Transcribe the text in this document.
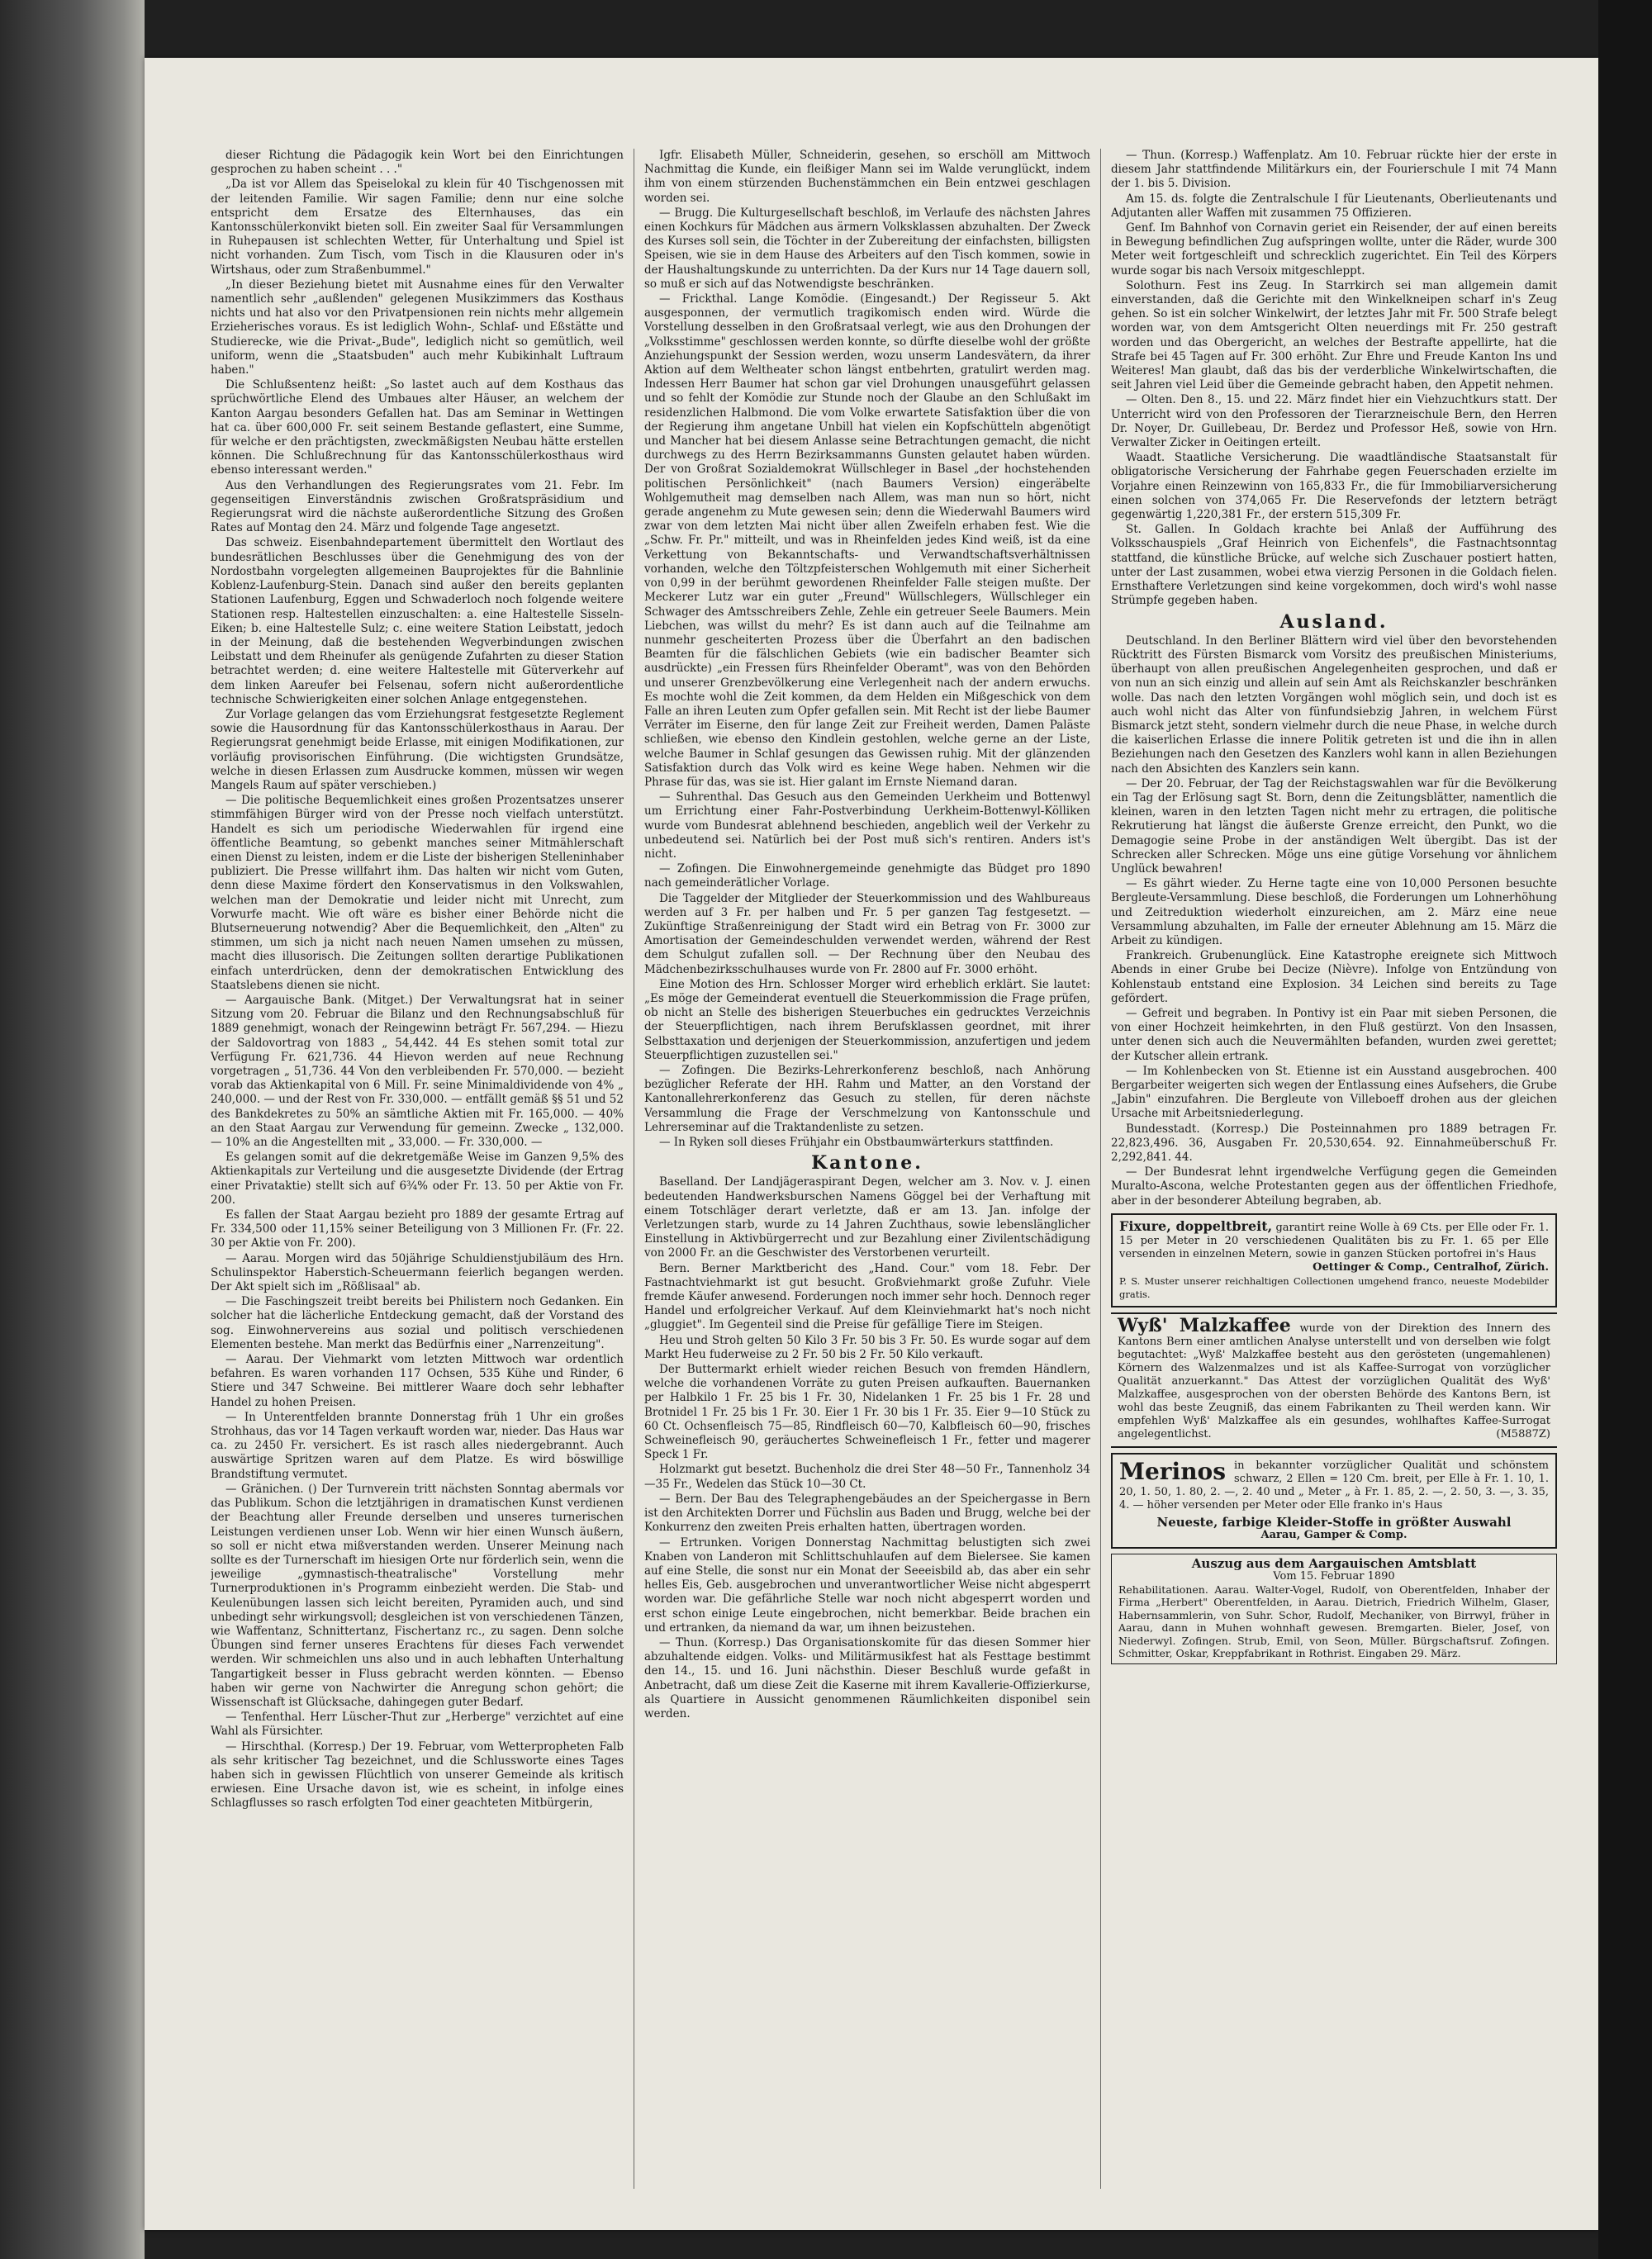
dieser Richtung die Pädagogik kein Wort bei den Einrichtungen gesprochen zu haben scheint . . ."

„Da ist vor Allem das Speiselokal zu klein für 40 Tischgenossen mit der leitenden Familie. Wir sagen Familie; denn nur eine solche entspricht dem Ersatze des Elternhauses, das ein Kantonsschülerkonvikt bieten soll. Ein zweiter Saal für Versammlungen in Ruhepausen ist schlechten Wetter, für Unterhaltung und Spiel ist nicht vorhanden. Zum Tisch, vom Tisch in die Klausuren oder in's Wirtshaus, oder zum Straßenbummel."

„In dieser Beziehung bietet mit Ausnahme eines für den Verwalter namentlich sehr „außlenden" gelegenen Musikzimmers das Kosthaus nichts und hat also vor den Privatpensionen rein nichts mehr allgemein Erzieherisches voraus. Es ist lediglich Wohn-, Schlaf- und Eßstätte und Studierecke, wie die Privat-„Bude", lediglich nicht so gemütlich, weil uniform, wenn die „Staatsbuden" auch mehr Kubikinhalt Luftraum haben."

Die Schlußsentenz heißt: „So lastet auch auf dem Kosthaus das sprüchwörtliche Elend des Umbaues alter Häuser, an welchem der Kanton Aargau besonders Gefallen hat. Das am Seminar in Wettingen hat ca. über 600,000 Fr. seit seinem Bestande geflastert, eine Summe, für welche er den prächtigsten, zweckmäßigsten Neubau hätte erstellen können. Die Schlußrechnung für das Kantonsschülerkosthaus wird ebenso interessant werden."

Aus den Verhandlungen des Regierungsrates vom 21. Febr. Im gegenseitigen Einverständnis zwischen Großratspräsidium und Regierungsrat wird die nächste außerordentliche Sitzung des Großen Rates auf Montag den 24. März und folgende Tage angesetzt.

Das schweiz. Eisenbahndepartement übermittelt den Wortlaut des bundesrätlichen Beschlusses über die Genehmigung des von der Nordostbahn vorgelegten allgemeinen Bauprojektes für die Bahnlinie Koblenz-Laufenburg-Stein. Danach sind außer den bereits geplanten Stationen Laufenburg, Eggen und Schwaderloch noch folgende weitere Stationen resp. Haltestellen einzuschalten: a. eine Haltestelle Sisseln-Eiken; b. eine Haltestelle Sulz; c. eine weitere Station Leibstatt, jedoch in der Meinung, daß die bestehenden Wegverbindungen zwischen Leibstatt und dem Rheinufer als genügende Zufahrten zu dieser Station betrachtet werden; d. eine weitere Haltestelle mit Güterverkehr auf dem linken Aareufer bei Felsenau, sofern nicht außerordentliche technische Schwierigkeiten einer solchen Anlage entgegenstehen.

Zur Vorlage gelangen das vom Erziehungsrat festgesetzte Reglement sowie die Hausordnung für das Kantonsschülerkosthaus in Aarau. Der Regierungsrat genehmigt beide Erlasse, mit einigen Modifikationen, zur vorläufig provisorischen Einführung. (Die wichtigsten Grundsätze, welche in diesen Erlassen zum Ausdrucke kommen, müssen wir wegen Mangels Raum auf später verschieben.)

— Die politische Bequemlichkeit eines großen Prozentsatzes unserer stimmfähigen Bürger wird von der Presse noch vielfach unterstützt. Handelt es sich um periodische Wiederwahlen für irgend eine öffentliche Beamtung, so gebenkt manches seiner Mitmählerschaft einen Dienst zu leisten, indem er die Liste der bisherigen Stelleninhaber publiziert. Die Presse willfahrt ihm. Das halten wir nicht vom Guten, denn diese Maxime fördert den Konservatismus in den Volkswahlen, welchen man der Demokratie und leider nicht mit Unrecht, zum Vorwurfe macht. Wie oft wäre es bisher einer Behörde nicht die Blutserneuerung notwendig? Aber die Bequemlichkeit, den „Alten" zu stimmen, um sich ja nicht nach neuen Namen umsehen zu müssen, macht dies illusorisch. Die Zeitungen sollten derartige Publikationen einfach unterdrücken, denn der demokratischen Entwicklung des Staatslebens dienen sie nicht.

— Aargauische Bank. (Mitget.) Der Verwaltungsrat hat in seiner Sitzung vom 20. Februar die Bilanz und den Rechnungsabschluß für 1889 genehmigt, wonach der Reingewinn beträgt Fr. 567,294. — Hiezu der Saldovortrag von 1883 „ 54,442. 44 Es stehen somit total zur Verfügung Fr. 621,736. 44 Hievon werden auf neue Rechnung vorgetragen „ 51,736. 44 Von den verbleibenden Fr. 570,000. — bezieht vorab das Aktienkapital von 6 Mill. Fr. seine Minimaldividende von 4% „ 240,000. — und der Rest von Fr. 330,000. — entfällt gemäß §§ 51 und 52 des Bankdekretes zu 50% an sämtliche Aktien mit Fr. 165,000. — 40% an den Staat Aargau zur Verwendung für gemeinn. Zwecke „ 132,000. — 10% an die Angestellten mit „ 33,000. — Fr. 330,000. —

Es gelangen somit auf die dekretgemäße Weise im Ganzen 9,5% des Aktienkapitals zur Verteilung und die ausgesetzte Dividende (der Ertrag einer Privataktie) stellt sich auf 6¾% oder Fr. 13. 50 per Aktie von Fr. 200.

Es fallen der Staat Aargau bezieht pro 1889 der gesamte Ertrag auf Fr. 334,500 oder 11,15% seiner Beteiligung von 3 Millionen Fr. (Fr. 22. 30 per Aktie von Fr. 200).

— Aarau. Morgen wird das 50jährige Schuldienstjubiläum des Hrn. Schulinspektor Haberstich-Scheuermann feierlich begangen werden. Der Akt spielt sich im „Rößlisaal" ab.

— Die Faschingszeit treibt bereits bei Philistern noch Gedanken. Ein solcher hat die lächerliche Entdeckung gemacht, daß der Vorstand des sog. Einwohnervereins aus sozial und politisch verschiedenen Elementen bestehe. Man merkt das Bedürfnis einer „Narrenzeitung".

— Aarau. Der Viehmarkt vom letzten Mittwoch war ordentlich befahren. Es waren vorhanden 117 Ochsen, 535 Kühe und Rinder, 6 Stiere und 347 Schweine. Bei mittlerer Waare doch sehr lebhafter Handel zu hohen Preisen.

— In Unterentfelden brannte Donnerstag früh 1 Uhr ein großes Strohhaus, das vor 14 Tagen verkauft worden war, nieder. Das Haus war ca. zu 2450 Fr. versichert. Es ist rasch alles niedergebrannt. Auch auswärtige Spritzen waren auf dem Platze. Es wird böswillige Brandstiftung vermutet.

— Gränichen. () Der Turnverein tritt nächsten Sonntag abermals vor das Publikum. Schon die letztjährigen in dramatischen Kunst verdienen der Beachtung aller Freunde derselben und unseres turnerischen Leistungen verdienen unser Lob. Wenn wir hier einen Wunsch äußern, so soll er nicht etwa mißverstanden werden. Unserer Meinung nach sollte es der Turnerschaft im hiesigen Orte nur förderlich sein, wenn die jeweilige „gymnastisch-theatralische" Vorstellung mehr Turnerproduktionen in's Programm einbezieht werden. Die Stab- und Keulenübungen lassen sich leicht bereiten, Pyramiden auch, und sind unbedingt sehr wirkungsvoll; desgleichen ist von verschiedenen Tänzen, wie Waffentanz, Schnittertanz, Fischertanz rc., zu sagen. Denn solche Übungen sind ferner unseres Erachtens für dieses Fach verwendet werden. Wir schmeichlen uns also und in auch lebhaften Unterhaltung Tangartigkeit besser in Fluss gebracht werden könnten. — Ebenso haben wir gerne von Nachwirter die Anregung schon gehört; die Wissenschaft ist Glücksache, dahingegen guter Bedarf.

— Tenfenthal. Herr Lüscher-Thut zur „Herberge" verzichtet auf eine Wahl als Fürsichter.

— Hirschthal. (Korresp.) Der 19. Februar, vom Wetterpropheten Falb als sehr kritischer Tag bezeichnet, und die Schlussworte eines Tages haben sich in gewissen Flüchtlich von unserer Gemeinde als kritisch erwiesen. Eine Ursache davon ist, wie es scheint, in infolge eines Schlagflusses so rasch erfolgten Tod einer geachteten Mitbürgerin,

Igfr. Elisabeth Müller, Schneiderin, gesehen, so erschöll am Mittwoch Nachmittag die Kunde, ein fleißiger Mann sei im Walde verunglückt, indem ihm von einem stürzenden Buchenstämmchen ein Bein entzwei geschlagen worden sei.

— Brugg. Die Kulturgesellschaft beschloß, im Verlaufe des nächsten Jahres einen Kochkurs für Mädchen aus ärmern Volksklassen abzuhalten. Der Zweck des Kurses soll sein, die Töchter in der Zubereitung der einfachsten, billigsten Speisen, wie sie in dem Hause des Arbeiters auf den Tisch kommen, sowie in der Haushaltungskunde zu unterrichten. Da der Kurs nur 14 Tage dauern soll, so muß er sich auf das Notwendigste beschränken.

— Frickthal. Lange Komödie. (Eingesandt.) Der Regisseur 5. Akt ausgesponnen, der vermutlich tragikomisch enden wird. Würde die Vorstellung desselben in den Großratsaal verlegt, wie aus den Drohungen der „Volksstimme" geschlossen werden konnte, so dürfte dieselbe wohl der größte Anziehungspunkt der Session werden, wozu unserm Landesvätern, da ihrer Aktion auf dem Weltheater schon längst entbehrten, gratulirt werden mag. Indessen Herr Baumer hat schon gar viel Drohungen unausgeführt gelassen und so fehlt der Komödie zur Stunde noch der Glaube an den Schlußakt im residenzlichen Halbmond. Die vom Volke erwartete Satisfaktion über die von der Regierung ihm angetane Unbill hat vielen ein Kopfschütteln abgenötigt und Mancher hat bei diesem Anlasse seine Betrachtungen gemacht, die nicht durchwegs zu des Herrn Bezirksammanns Gunsten gelautet haben würden. Der von Großrat Sozialdemokrat Wüllschleger in Basel „der hochstehenden politischen Persönlichkeit" (nach Baumers Version) eingeräbelte Wohlgemutheit mag demselben nach Allem, was man nun so hört, nicht gerade angenehm zu Mute gewesen sein; denn die Wiederwahl Baumers wird zwar von dem letzten Mai nicht über allen Zweifeln erhaben fest. Wie die „Schw. Fr. Pr." mitteilt, und was in Rheinfelden jedes Kind weiß, ist da eine Verkettung von Bekanntschafts- und Verwandtschaftsverhältnissen vorhanden, welche den Töltzpfeisterschen Wohlgemuth mit einer Sicherheit von 0,99 in der berühmt gewordenen Rheinfelder Falle steigen mußte. Der Meckerer Lutz war ein guter „Freund" Wüllschlegers, Wüllschleger ein Schwager des Amtsschreibers Zehle, Zehle ein getreuer Seele Baumers. Mein Liebchen, was willst du mehr? Es ist dann auch auf die Teilnahme am nunmehr gescheiterten Prozess über die Überfahrt an den badischen Beamten für die fälschlichen Gebiets (wie ein badischer Beamter sich ausdrückte) „ein Fressen fürs Rheinfelder Oberamt", was von den Behörden und unserer Grenzbevölkerung eine Verlegenheit nach der andern erwuchs. Es mochte wohl die Zeit kommen, da dem Helden ein Mißgeschick von dem Falle an ihren Leuten zum Opfer gefallen sein. Mit Recht ist der liebe Baumer Verräter im Eiserne, den für lange Zeit zur Freiheit werden, Damen Paläste schließen, wie ebenso den Kindlein gestohlen, welche gerne an der Liste, welche Baumer in Schlaf gesungen das Gewissen ruhig. Mit der glänzenden Satisfaktion durch das Volk wird es keine Wege haben. Nehmen wir die Phrase für das, was sie ist. Hier galant im Ernste Niemand daran.

— Suhrenthal. Das Gesuch aus den Gemeinden Uerkheim und Bottenwyl um Errichtung einer Fahr-Postverbindung Uerkheim-Bottenwyl-Kölliken wurde vom Bundesrat ablehnend beschieden, angeblich weil der Verkehr zu unbedeutend sei. Natürlich bei der Post muß sich's rentiren. Anders ist's nicht.

— Zofingen. Die Einwohnergemeinde genehmigte das Büdget pro 1890 nach gemeinderätlicher Vorlage.

Die Taggelder der Mitglieder der Steuerkommission und des Wahlbureaus werden auf 3 Fr. per halben und Fr. 5 per ganzen Tag festgesetzt. — Zukünftige Straßenreinigung der Stadt wird ein Betrag von Fr. 3000 zur Amortisation der Gemeindeschulden verwendet werden, während der Rest dem Schulgut zufallen soll. — Der Rechnung über den Neubau des Mädchenbezirksschulhauses wurde von Fr. 2800 auf Fr. 3000 erhöht.

Eine Motion des Hrn. Schlosser Morger wird erheblich erklärt. Sie lautet: „Es möge der Gemeinderat eventuell die Steuerkommission die Frage prüfen, ob nicht an Stelle des bisherigen Steuerbuches ein gedrucktes Verzeichnis der Steuerpflichtigen, nach ihrem Berufsklassen geordnet, mit ihrer Selbsttaxation und derjenigen der Steuerkommission, anzufertigen und jedem Steuerpflichtigen zuzustellen sei."

— Zofingen. Die Bezirks-Lehrerkonferenz beschloß, nach Anhörung bezüglicher Referate der HH. Rahm und Matter, an den Vorstand der Kantonallehrerkonferenz das Gesuch zu stellen, für deren nächste Versammlung die Frage der Verschmelzung von Kantonsschule und Lehrerseminar auf die Traktandenliste zu setzen.

— In Ryken soll dieses Frühjahr ein Obstbaumwärterkurs stattfinden.

Kantone.

Baselland. Der Landjägeraspirant Degen, welcher am 3. Nov. v. J. einen bedeutenden Handwerksburschen Namens Göggel bei der Verhaftung mit einem Totschläger derart verletzte, daß er am 13. Jan. infolge der Verletzungen starb, wurde zu 14 Jahren Zuchthaus, sowie lebenslänglicher Einstellung in Aktivbürgerrecht und zur Bezahlung einer Zivilentschädigung von 2000 Fr. an die Geschwister des Verstorbenen verurteilt.

Bern. Berner Marktbericht des „Hand. Cour." vom 18. Febr. Der Fastnachtviehmarkt ist gut besucht. Großviehmarkt große Zufuhr. Viele fremde Käufer anwesend. Forderungen noch immer sehr hoch. Dennoch reger Handel und erfolgreicher Verkauf. Auf dem Kleinviehmarkt hat's noch nicht „gluggiet". Im Gegenteil sind die Preise für gefällige Tiere im Steigen.

Heu und Stroh gelten 50 Kilo 3 Fr. 50 bis 3 Fr. 50. Es wurde sogar auf dem Markt Heu fuderweise zu 2 Fr. 50 bis 2 Fr. 50 Kilo verkauft.

Der Buttermarkt erhielt wieder reichen Besuch von fremden Händlern, welche die vorhandenen Vorräte zu guten Preisen aufkauften. Bauernanken per Halbkilo 1 Fr. 25 bis 1 Fr. 30, Nidelanken 1 Fr. 25 bis 1 Fr. 28 und Brotnidel 1 Fr. 25 bis 1 Fr. 30. Eier 1 Fr. 30 bis 1 Fr. 35. Eier 9—10 Stück zu 60 Ct. Ochsenfleisch 75—85, Rindfleisch 60—70, Kalbfleisch 60—90, frisches Schweinefleisch 90, geräuchertes Schweinefleisch 1 Fr., fetter und magerer Speck 1 Fr.

Holzmarkt gut besetzt. Buchenholz die drei Ster 48—50 Fr., Tannenholz 34—35 Fr., Wedelen das Stück 10—30 Ct.

— Bern. Der Bau des Telegraphengebäudes an der Speichergasse in Bern ist den Architekten Dorrer und Füchslin aus Baden und Brugg, welche bei der Konkurrenz den zweiten Preis erhalten hatten, übertragen worden.

— Ertrunken. Vorigen Donnerstag Nachmittag belustigten sich zwei Knaben von Landeron mit Schlittschuhlaufen auf dem Bielersee. Sie kamen auf eine Stelle, die sonst nur ein Monat der Seeeisbild ab, das aber ein sehr helles Eis, Geb. ausgebrochen und unverantwortlicher Weise nicht abgesperrt worden war. Die gefährliche Stelle war noch nicht abgesperrt worden und erst schon einige Leute eingebrochen, nicht bemerkbar. Beide brachen ein und ertranken, da niemand da war, um ihnen beizustehen.

— Thun. (Korresp.) Das Organisationskomite für das diesen Sommer hier abzuhaltende eidgen. Volks- und Militärmusikfest hat als Festtage bestimmt den 14., 15. und 16. Juni nächsthin. Dieser Beschluß wurde gefaßt in Anbetracht, daß um diese Zeit die Kaserne mit ihrem Kavallerie-Offizierkurse, als Quartiere in Aussicht genommenen Räumlichkeiten disponibel sein werden.

— Thun. (Korresp.) Waffenplatz. Am 10. Februar rückte hier der erste in diesem Jahr stattfindende Militärkurs ein, der Fourierschule I mit 74 Mann der 1. bis 5. Division.

Am 15. ds. folgte die Zentralschule I für Lieutenants, Oberlieutenants und Adjutanten aller Waffen mit zusammen 75 Offizieren.

Genf. Im Bahnhof von Cornavin geriet ein Reisender, der auf einen bereits in Bewegung befindlichen Zug aufspringen wollte, unter die Räder, wurde 300 Meter weit fortgeschleift und schrecklich zugerichtet. Ein Teil des Körpers wurde sogar bis nach Versoix mitgeschleppt.

Solothurn. Fest ins Zeug. In Starrkirch sei man allgemein damit einverstanden, daß die Gerichte mit den Winkelkneipen scharf in's Zeug gehen. So ist ein solcher Winkelwirt, der letztes Jahr mit Fr. 500 Strafe belegt worden war, von dem Amtsgericht Olten neuerdings mit Fr. 250 gestraft worden und das Obergericht, an welches der Bestrafte appellirte, hat die Strafe bei 45 Tagen auf Fr. 300 erhöht. Zur Ehre und Freude Kanton Ins und Weiteres! Man glaubt, daß das bis der verderbliche Winkelwirtschaften, die seit Jahren viel Leid über die Gemeinde gebracht haben, den Appetit nehmen.

— Olten. Den 8., 15. und 22. März findet hier ein Viehzuchtkurs statt. Der Unterricht wird von den Professoren der Tierarzneischule Bern, den Herren Dr. Noyer, Dr. Guillebeau, Dr. Berdez und Professor Heß, sowie von Hrn. Verwalter Zicker in Oeitingen erteilt.

Waadt. Staatliche Versicherung. Die waadtländische Staatsanstalt für obligatorische Versicherung der Fahrhabe gegen Feuerschaden erzielte im Vorjahre einen Reinzewinn von 165,833 Fr., die für Immobiliarversicherung einen solchen von 374,065 Fr. Die Reservefonds der letztern beträgt gegenwärtig 1,220,381 Fr., der erstern 515,309 Fr.

St. Gallen. In Goldach krachte bei Anlaß der Aufführung des Volksschauspiels „Graf Heinrich von Eichenfels", die Fastnachtsonntag stattfand, die künstliche Brücke, auf welche sich Zuschauer postiert hatten, unter der Last zusammen, wobei etwa vierzig Personen in die Goldach fielen. Ernsthaftere Verletzungen sind keine vorgekommen, doch wird's wohl nasse Strümpfe gegeben haben.

Ausland.

Deutschland. In den Berliner Blättern wird viel über den bevorstehenden Rücktritt des Fürsten Bismarck vom Vorsitz des preußischen Ministeriums, überhaupt von allen preußischen Angelegenheiten gesprochen, und daß er von nun an sich einzig und allein auf sein Amt als Reichskanzler beschränken wolle. Das nach den letzten Vorgängen wohl möglich sein, und doch ist es auch wohl nicht das Alter von fünfundsiebzig Jahren, in welchem Fürst Bismarck jetzt steht, sondern vielmehr durch die neue Phase, in welche durch die kaiserlichen Erlasse die innere Politik getreten ist und die ihn in allen Beziehungen nach den Gesetzen des Kanzlers wohl kann in allen Beziehungen nach den Absichten des Kanzlers sein kann.

— Der 20. Februar, der Tag der Reichstagswahlen war für die Bevölkerung ein Tag der Erlösung sagt St. Born, denn die Zeitungsblätter, namentlich die kleinen, waren in den letzten Tagen nicht mehr zu ertragen, die politische Rekrutierung hat längst die äußerste Grenze erreicht, den Punkt, wo die Demagogie seine Probe in der anständigen Welt übergibt. Das ist der Schrecken aller Schrecken. Möge uns eine gütige Vorsehung vor ähnlichem Unglück bewahren!

— Es gährt wieder. Zu Herne tagte eine von 10,000 Personen besuchte Bergleute-Versammlung. Diese beschloß, die Forderungen um Lohnerhöhung und Zeitreduktion wiederholt einzureichen, am 2. März eine neue Versammlung abzuhalten, im Falle der erneuter Ablehnung am 15. März die Arbeit zu kündigen.

Frankreich. Grubenunglück. Eine Katastrophe ereignete sich Mittwoch Abends in einer Grube bei Decize (Nièvre). Infolge von Entzündung von Kohlenstaub entstand eine Explosion. 34 Leichen sind bereits zu Tage gefördert.

— Gefreit und begraben. In Pontivy ist ein Paar mit sieben Personen, die von einer Hochzeit heimkehrten, in den Fluß gestürzt. Von den Insassen, unter denen sich auch die Neuvermählten befanden, wurden zwei gerettet; der Kutscher allein ertrank.

— Im Kohlenbecken von St. Etienne ist ein Ausstand ausgebrochen. 400 Bergarbeiter weigerten sich wegen der Entlassung eines Aufsehers, die Grube „Jabin" einzufahren. Die Bergleute von Villeboeff drohen aus der gleichen Ursache mit Arbeitsniederlegung.

Bundesstadt. (Korresp.) Die Posteinnahmen pro 1889 betragen Fr. 22,823,496. 36, Ausgaben Fr. 20,530,654. 92. Einnahmeüberschuß Fr. 2,292,841. 44.

— Der Bundesrat lehnt irgendwelche Verfügung gegen die Gemeinden Muralto-Ascona, welche Protestanten gegen aus der öffentlichen Friedhofe, aber in der besonderer Abteilung begraben, ab.

Fixure, doppeltbreit, garantirt reine Wolle à 69 Cts. per Elle oder Fr. 1. 15 per Meter in 20 verschiedenen Qualitäten bis zu Fr. 1. 65 per Elle versenden in einzelnen Metern, sowie in ganzen Stücken portofrei in's Haus
Oettinger & Comp., Centralhof, Zürich.
P. S. Muster unserer reichhaltigen Collectionen umgehend franco, neueste Modebilder gratis.
Wyß' Malzkaffee wurde von der Direktion des Innern des Kantons Bern einer amtlichen Analyse unterstellt und von derselben wie folgt begutachtet: „Wyß' Malzkaffee besteht aus den gerösteten (ungemahlenen) Körnern des Walzenmalzes und ist als Kaffee-Surrogat von vorzüglicher Qualität anzuerkannt." Das Attest der vorzüglichen Qualität des Wyß' Malzkaffee, ausgesprochen von der obersten Behörde des Kantons Bern, ist wohl das beste Zeugniß, das einem Fabrikanten zu Theil werden kann. Wir empfehlen Wyß' Malzkaffee als ein gesundes, wohlhaftes Kaffee-Surrogat angelegentlichst.	(M5887Z)
Merinos in bekannter vorzüglicher Qualität und schönstem schwarz, 2 Ellen = 120 Cm. breit, per Elle à Fr. 1. 10, 1. 20, 1. 50, 1. 80, 2. —, 2. 40 und „ Meter „ à Fr. 1. 85, 2. —, 2. 50, 3. —, 3. 35, 4. — höher versenden per Meter oder Elle franko in's Haus
Neueste, farbige Kleider-Stoffe in größter Auswahl
Aarau, Gamper & Comp.
Auszug aus dem Aargauischen Amtsblatt
Vom 15. Februar 1890
Rehabilitationen. Aarau. Walter-Vogel, Rudolf, von Oberentfelden, Inhaber der Firma „Herbert" Oberentfelden, in Aarau. Dietrich, Friedrich Wilhelm, Glaser, Habernsammlerin, von Suhr. Schor, Rudolf, Mechaniker, von Birrwyl, früher in Aarau, dann in Muhen wohnhaft gewesen. Bremgarten. Bieler, Josef, von Niederwyl. Zofingen. Strub, Emil, von Seon, Müller. Bürgschaftsruf. Zofingen. Schmitter, Oskar, Kreppfabrikant in Rothrist. Eingaben 29. März.
